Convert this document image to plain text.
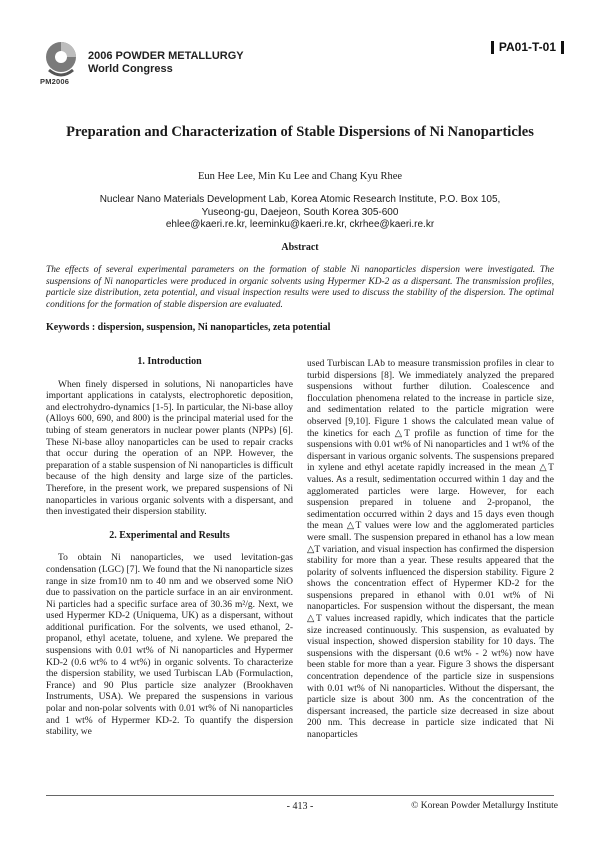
PM2006
2006 POWDER METALLURGY
World Congress
PA01-T-01
Preparation and Characterization of Stable Dispersions of Ni Nanoparticles
Eun Hee Lee, Min Ku Lee and Chang Kyu Rhee
Nuclear Nano Materials Development Lab, Korea Atomic Research Institute, P.O. Box 105,
Yuseong-gu, Daejeon, South Korea 305-600
ehlee@kaeri.re.kr, leeminku@kaeri.re.kr, ckrhee@kaeri.re.kr
Abstract
The effects of several experimental parameters on the formation of stable Ni nanoparticles dispersion were investigated. The suspensions of Ni nanoparticles were produced in organic solvents using Hypermer KD-2 as a dispersant. The transmission profiles, particle size distribution, zeta potential, and visual inspection results were used to discuss the stability of the dispersion. The optimal conditions for the formation of stable dispersion are evaluated.
Keywords : dispersion, suspension, Ni nanoparticles, zeta potential
1. Introduction

When finely dispersed in solutions, Ni nanoparticles have important applications in catalysts, electrophoretic deposition, and electrohydro-dynamics [1-5]. In particular, the Ni-base alloy (Alloys 600, 690, and 800) is the principal material used for the tubing of steam generators in nuclear power plants (NPPs) [6]. These Ni-base alloy nanoparticles can be used to repair cracks that occur during the operation of an NPP. However, the preparation of a stable suspension of Ni nanoparticles is difficult because of the high density and large size of the particles. Therefore, in the present work, we prepared suspensions of Ni nanoparticles in various organic solvents with a dispersant, and then investigated their dispersion stability.

2. Experimental and Results

To obtain Ni nanoparticles, we used levitation-gas condensation (LGC) [7]. We found that the Ni nanoparticle sizes range in size from10 nm to 40 nm and we observed some NiO due to passivation on the particle surface in an air environment. Ni particles had a specific surface area of 30.36 m²/g. Next, we used Hypermer KD-2 (Uniquema, UK) as a dispersant, without additional purification. For the solvents, we used ethanol, 2-propanol, ethyl acetate, toluene, and xylene. We prepared the suspensions with 0.01 wt% of Ni nanoparticles and Hypermer KD-2 (0.6 wt% to 4 wt%) in organic solvents. To characterize the dispersion stability, we used Turbiscan LAb (Formulaction, France) and 90 Plus particle size analyzer (Brookhaven Instruments, USA). We prepared the suspensions in various polar and non-polar solvents with 0.01 wt% of Ni nanoparticles and 1 wt% of Hypermer KD-2. To quantify the dispersion stability, we

used Turbiscan LAb to measure transmission profiles in clear to turbid dispersions [8]. We immediately analyzed the prepared suspensions without further dilution. Coalescence and flocculation phenomena related to the increase in particle size, and sedimentation related to the particle migration were observed [9,10]. Figure 1 shows the calculated mean value of the kinetics for each △T profile as function of time for the suspensions with 0.01 wt% of Ni nanoparticles and 1 wt% of the dispersant in various organic solvents. The suspensions prepared in xylene and ethyl acetate rapidly increased in the mean △T values. As a result, sedimentation occurred within 1 day and the agglomerated particles were large. However, for each suspension prepared in toluene and 2-propanol, the sedimentation occurred within 2 days and 15 days even though the mean △T values were low and the agglomerated particles were small. The suspension prepared in ethanol has a low mean △T variation, and visual inspection has confirmed the dispersion stability for more than a year. These results appeared that the polarity of solvents influenced the dispersion stability. Figure 2 shows the concentration effect of Hypermer KD-2 for the suspensions prepared in ethanol with 0.01 wt% of Ni nanoparticles. For suspension without the dispersant, the mean △T values increased rapidly, which indicates that the particle size increased continuously. This suspension, as evaluated by visual inspection, showed dispersion stability for 10 days. The suspensions with the dispersant (0.6 wt% - 2 wt%) now have been stable for more than a year. Figure 3 shows the dispersant concentration dependence of the particle size in suspensions with 0.01 wt% of Ni nanoparticles. Without the dispersant, the particle size is about 300 nm. As the concentration of the dispersant increased, the particle size decreased in size about 200 nm. This decrease in particle size indicated that Ni nanoparticles

- 413 -	© Korean Powder Metallurgy Institute
